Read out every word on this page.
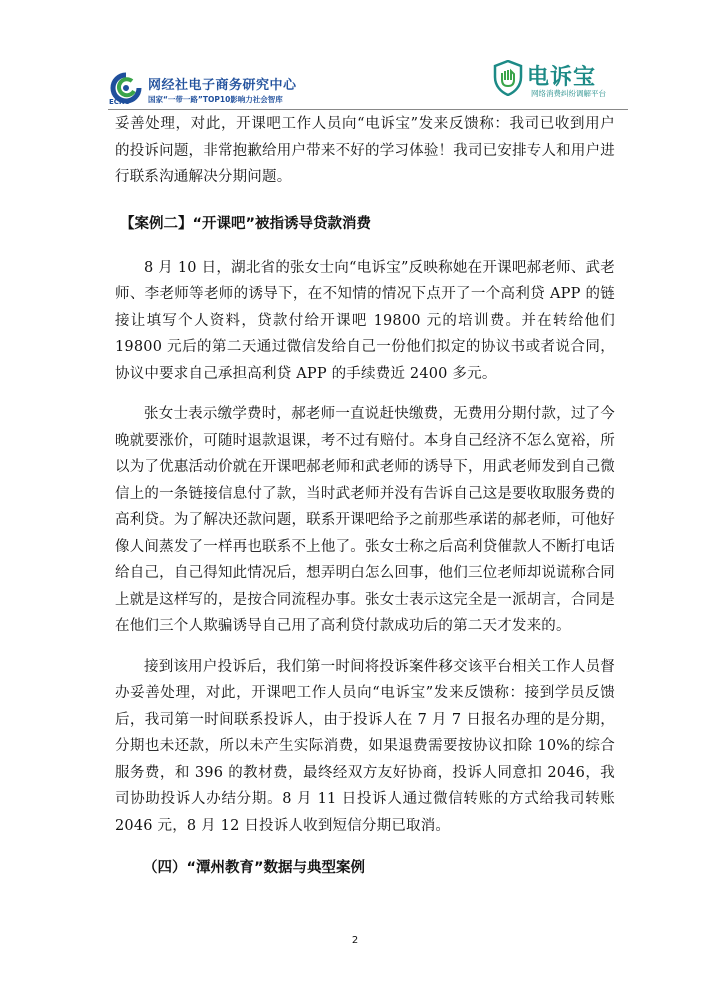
ECRC
网经社电子商务研究中心
国家“一带一路”TOP10影响力社会智库
电诉宝
网络消费纠纷调解平台

妥善处理，对此，开课吧工作人员向“电诉宝”发来反馈称：我司已收到用户的投诉问题，非常抱歉给用户带来不好的学习体验！我司已安排专人和用户进行联系沟通解决分期问题。

【案例二】“开课吧”被指诱导贷款消费

8 月 10 日，湖北省的张女士向“电诉宝”反映称她在开课吧郝老师、武老师、李老师等老师的诱导下，在不知情的情况下点开了一个高利贷 APP 的链接让填写个人资料，贷款付给开课吧 19800 元的培训费。并在转给他们 19800 元后的第二天通过微信发给自己一份他们拟定的协议书或者说合同，协议中要求自己承担高利贷 APP 的手续费近 2400 多元。

张女士表示缴学费时，郝老师一直说赶快缴费，无费用分期付款，过了今晚就要涨价，可随时退款退课，考不过有赔付。本身自己经济不怎么宽裕，所以为了优惠活动价就在开课吧郝老师和武老师的诱导下，用武老师发到自己微信上的一条链接信息付了款，当时武老师并没有告诉自己这是要收取服务费的高利贷。为了解决还款问题，联系开课吧给予之前那些承诺的郝老师，可他好像人间蒸发了一样再也联系不上他了。张女士称之后高利贷催款人不断打电话给自己，自己得知此情况后，想弄明白怎么回事，他们三位老师却说谎称合同上就是这样写的，是按合同流程办事。张女士表示这完全是一派胡言，合同是在他们三个人欺骗诱导自己用了高利贷付款成功后的第二天才发来的。

接到该用户投诉后，我们第一时间将投诉案件移交该平台相关工作人员督办妥善处理，对此，开课吧工作人员向“电诉宝”发来反馈称：接到学员反馈后，我司第一时间联系投诉人，由于投诉人在 7 月 7 日报名办理的是分期，分期也未还款，所以未产生实际消费，如果退费需要按协议扣除 10%的综合服务费，和 396 的教材费，最终经双方友好协商，投诉人同意扣 2046，我司协助投诉人办结分期。8 月 11 日投诉人通过微信转账的方式给我司转账 2046 元，8 月 12 日投诉人收到短信分期已取消。

（四）“潭州教育”数据与典型案例

2
